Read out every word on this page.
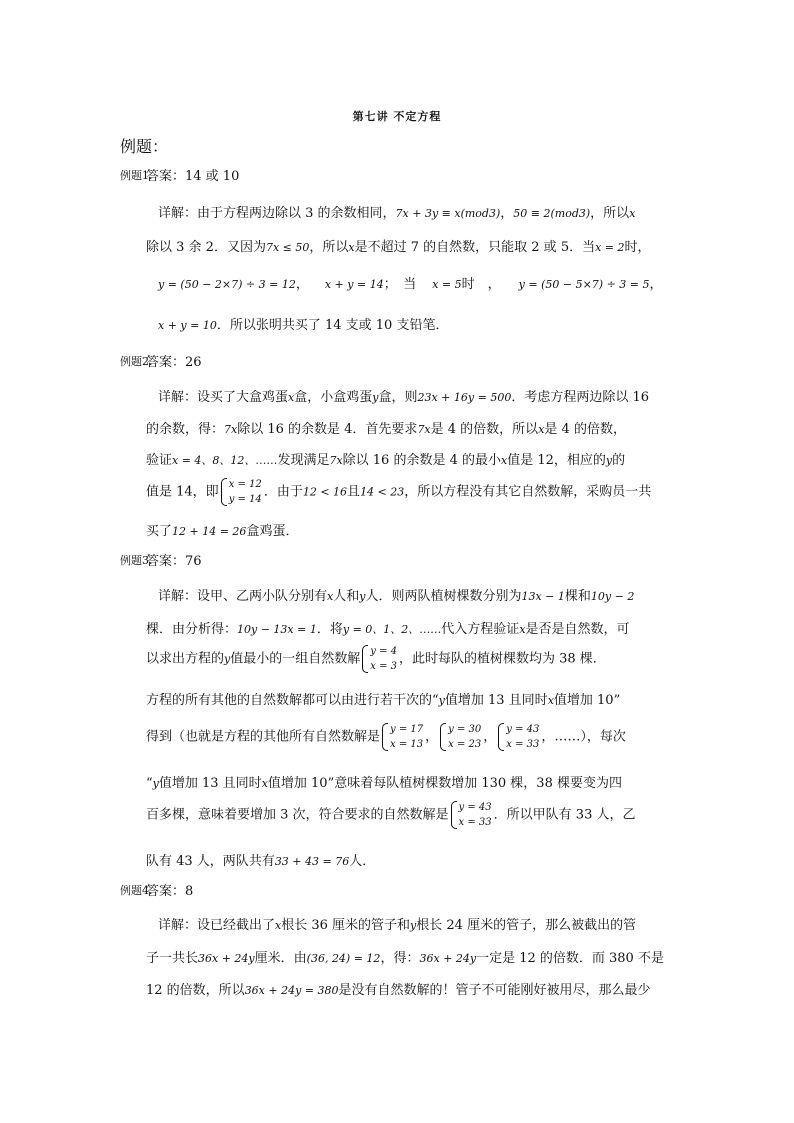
第七讲 不定方程
例题：
例题1.
答案：14 或 10
详解：由于方程两边除以 3 的余数相同，7x + 3y ≡ x(mod3)，50 ≡ 2(mod3)，所以x
除以 3 余 2．又因为7x ≤ 50，所以x是不超过 7 的自然数，只能取 2 或 5．当x = 2时，
y = (50 − 2×7) ÷ 3 = 12， x + y = 14；　当 x = 5时　， y = (50 − 5×7) ÷ 3 = 5，
x + y = 10．所以张明共买了 14 支或 10 支铅笔．
例题2.
答案：26
详解：设买了大盒鸡蛋x盒，小盒鸡蛋y盒，则23x + 16y = 500．考虑方程两边除以 16
的余数，得：7x除以 16 的余数是 4．首先要求7x是 4 的倍数，所以x是 4 的倍数，
验证x = 4、8、12、……发现满足7x除以 16 的余数是 4 的最小x值是 12，相应的y的
值是 14，即 x = 12
y = 14 ．由于12 < 16且14 < 23，所以方程没有其它自然数解，采购员一共
买了12 + 14 = 26盒鸡蛋．
例题3.
答案：76
详解：设甲、乙两小队分别有x人和y人．则两队植树棵数分别为13x − 1棵和10y − 2
棵．由分析得：10y − 13x = 1．将y = 0、1、2、……代入方程验证x是否是自然数，可
以求出方程的y值最小的一组自然数解 y = 4
x = 3 ，此时每队的植树棵数均为 38 棵．
方程的所有其他的自然数解都可以由进行若干次的“y值增加 13 且同时x值增加 10”
得到（也就是方程的其他所有自然数解是 y = 17
x = 13 ， y = 30
x = 23 ， y = 43
x = 33 ，……），每次
“y值增加 13 且同时x值增加 10”意味着每队植树棵数增加 130 棵，38 棵要变为四
百多棵，意味着要增加 3 次，符合要求的自然数解是 y = 43
x = 33 ．所以甲队有 33 人，乙
队有 43 人，两队共有33 + 43 = 76人．
例题4.
答案：8
详解：设已经截出了x根长 36 厘米的管子和y根长 24 厘米的管子，那么被截出的管
子一共长36x + 24y厘米．由(36, 24) = 12，得：36x + 24y一定是 12 的倍数．而 380 不是
12 的倍数，所以36x + 24y = 380是没有自然数解的！管子不可能刚好被用尽，那么最少
